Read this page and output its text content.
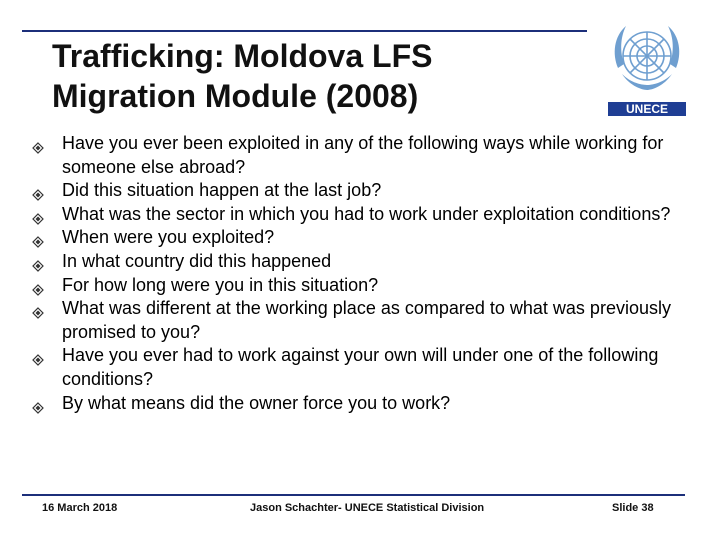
Trafficking: Moldova LFS
Migration Module (2008)	UNECE
Have you ever been exploited in any of the following ways while working for someone else abroad?
Did this situation happen at the last job?
What was the sector in which you had to work under exploitation conditions?
When were you exploited?
In what country did this happened
For how long were you in this situation?
What was different at the working place as compared to what was previously promised to you?
Have you ever had to work against your own will under one of the following conditions?
By what means did the owner force you to work?
16 March 2018	Jason Schachter- UNECE Statistical Division	Slide 38
